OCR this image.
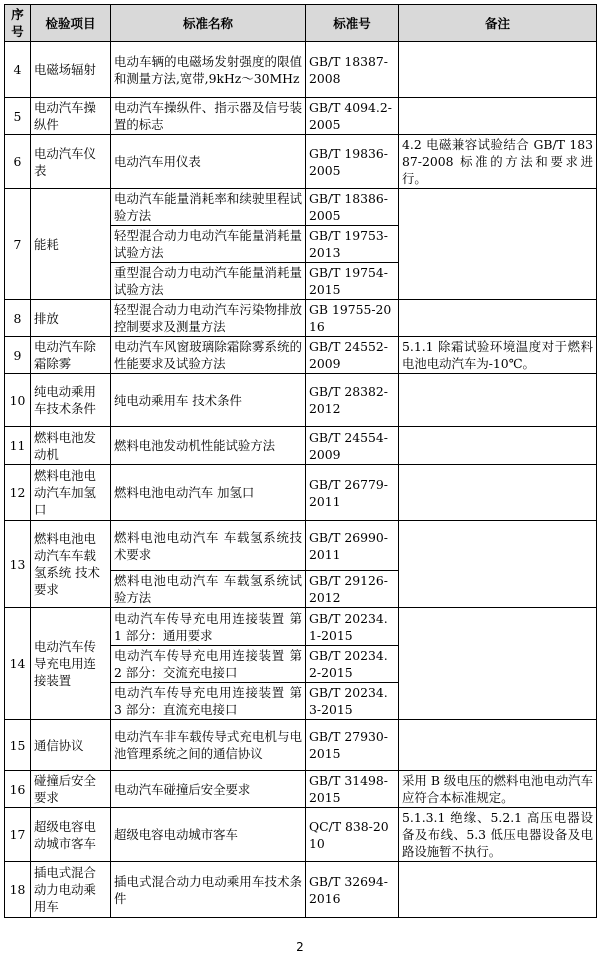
序号	检验项目	标准名称	标准号	备注
4	电磁场辐射	电动车辆的电磁场发射强度的限值和测量方法,宽带,9kHz～30MHz	GB/T 18387-2008	
5	电动汽车操纵件	电动汽车操纵件、指示器及信号装置的标志	GB/T 4094.2-2005	
6	电动汽车仪表	电动汽车用仪表	GB/T 19836-2005	4.2 电磁兼容试验结合 GB/T 18387-2008 标准的方法和要求进行。
7	能耗	电动汽车能量消耗率和续驶里程试验方法	GB/T 18386-2005	
		轻型混合动力电动汽车能量消耗量试验方法	GB/T 19753-2013	
		重型混合动力电动汽车能量消耗量试验方法	GB/T 19754-2015	
8	排放	轻型混合动力电动汽车污染物排放控制要求及测量方法	GB 19755-2016	
9	电动汽车除霜除雾	电动汽车风窗玻璃除霜除雾系统的性能要求及试验方法	GB/T 24552-2009	5.1.1 除霜试验环境温度对于燃料电池电动汽车为-10℃。
10	纯电动乘用车技术条件	纯电动乘用车 技术条件	GB/T 28382-2012	
11	燃料电池发动机	燃料电池发动机性能试验方法	GB/T 24554-2009	
12	燃料电池电动汽车加氢口	燃料电池电动汽车 加氢口	GB/T 26779-2011	
13	燃料电池电动汽车车载氢系统 技术要求	燃料电池电动汽车 车载氢系统技术要求	GB/T 26990-2011	
		燃料电池电动汽车 车载氢系统试验方法	GB/T 29126-2012	
14	电动汽车传导充电用连接装置	电动汽车传导充电用连接装置 第 1 部分：通用要求	GB/T 20234.1-2015	
		电动汽车传导充电用连接装置 第 2 部分：交流充电接口	GB/T 20234.2-2015	
		电动汽车传导充电用连接装置 第 3 部分：直流充电接口	GB/T 20234.3-2015	
15	通信协议	电动汽车非车载传导式充电机与电池管理系统之间的通信协议	GB/T 27930-2015	
16	碰撞后安全要求	电动汽车碰撞后安全要求	GB/T 31498-2015	采用 B 级电压的燃料电池电动汽车应符合本标准规定。
17	超级电容电动城市客车	超级电容电动城市客车	QC/T 838-2010	5.1.3.1 绝缘、5.2.1 高压电器设备及布线、5.3 低压电器设备及电路设施暂不执行。
18	插电式混合动力电动乘用车	插电式混合动力电动乘用车技术条件	GB/T 32694-2016	
2
